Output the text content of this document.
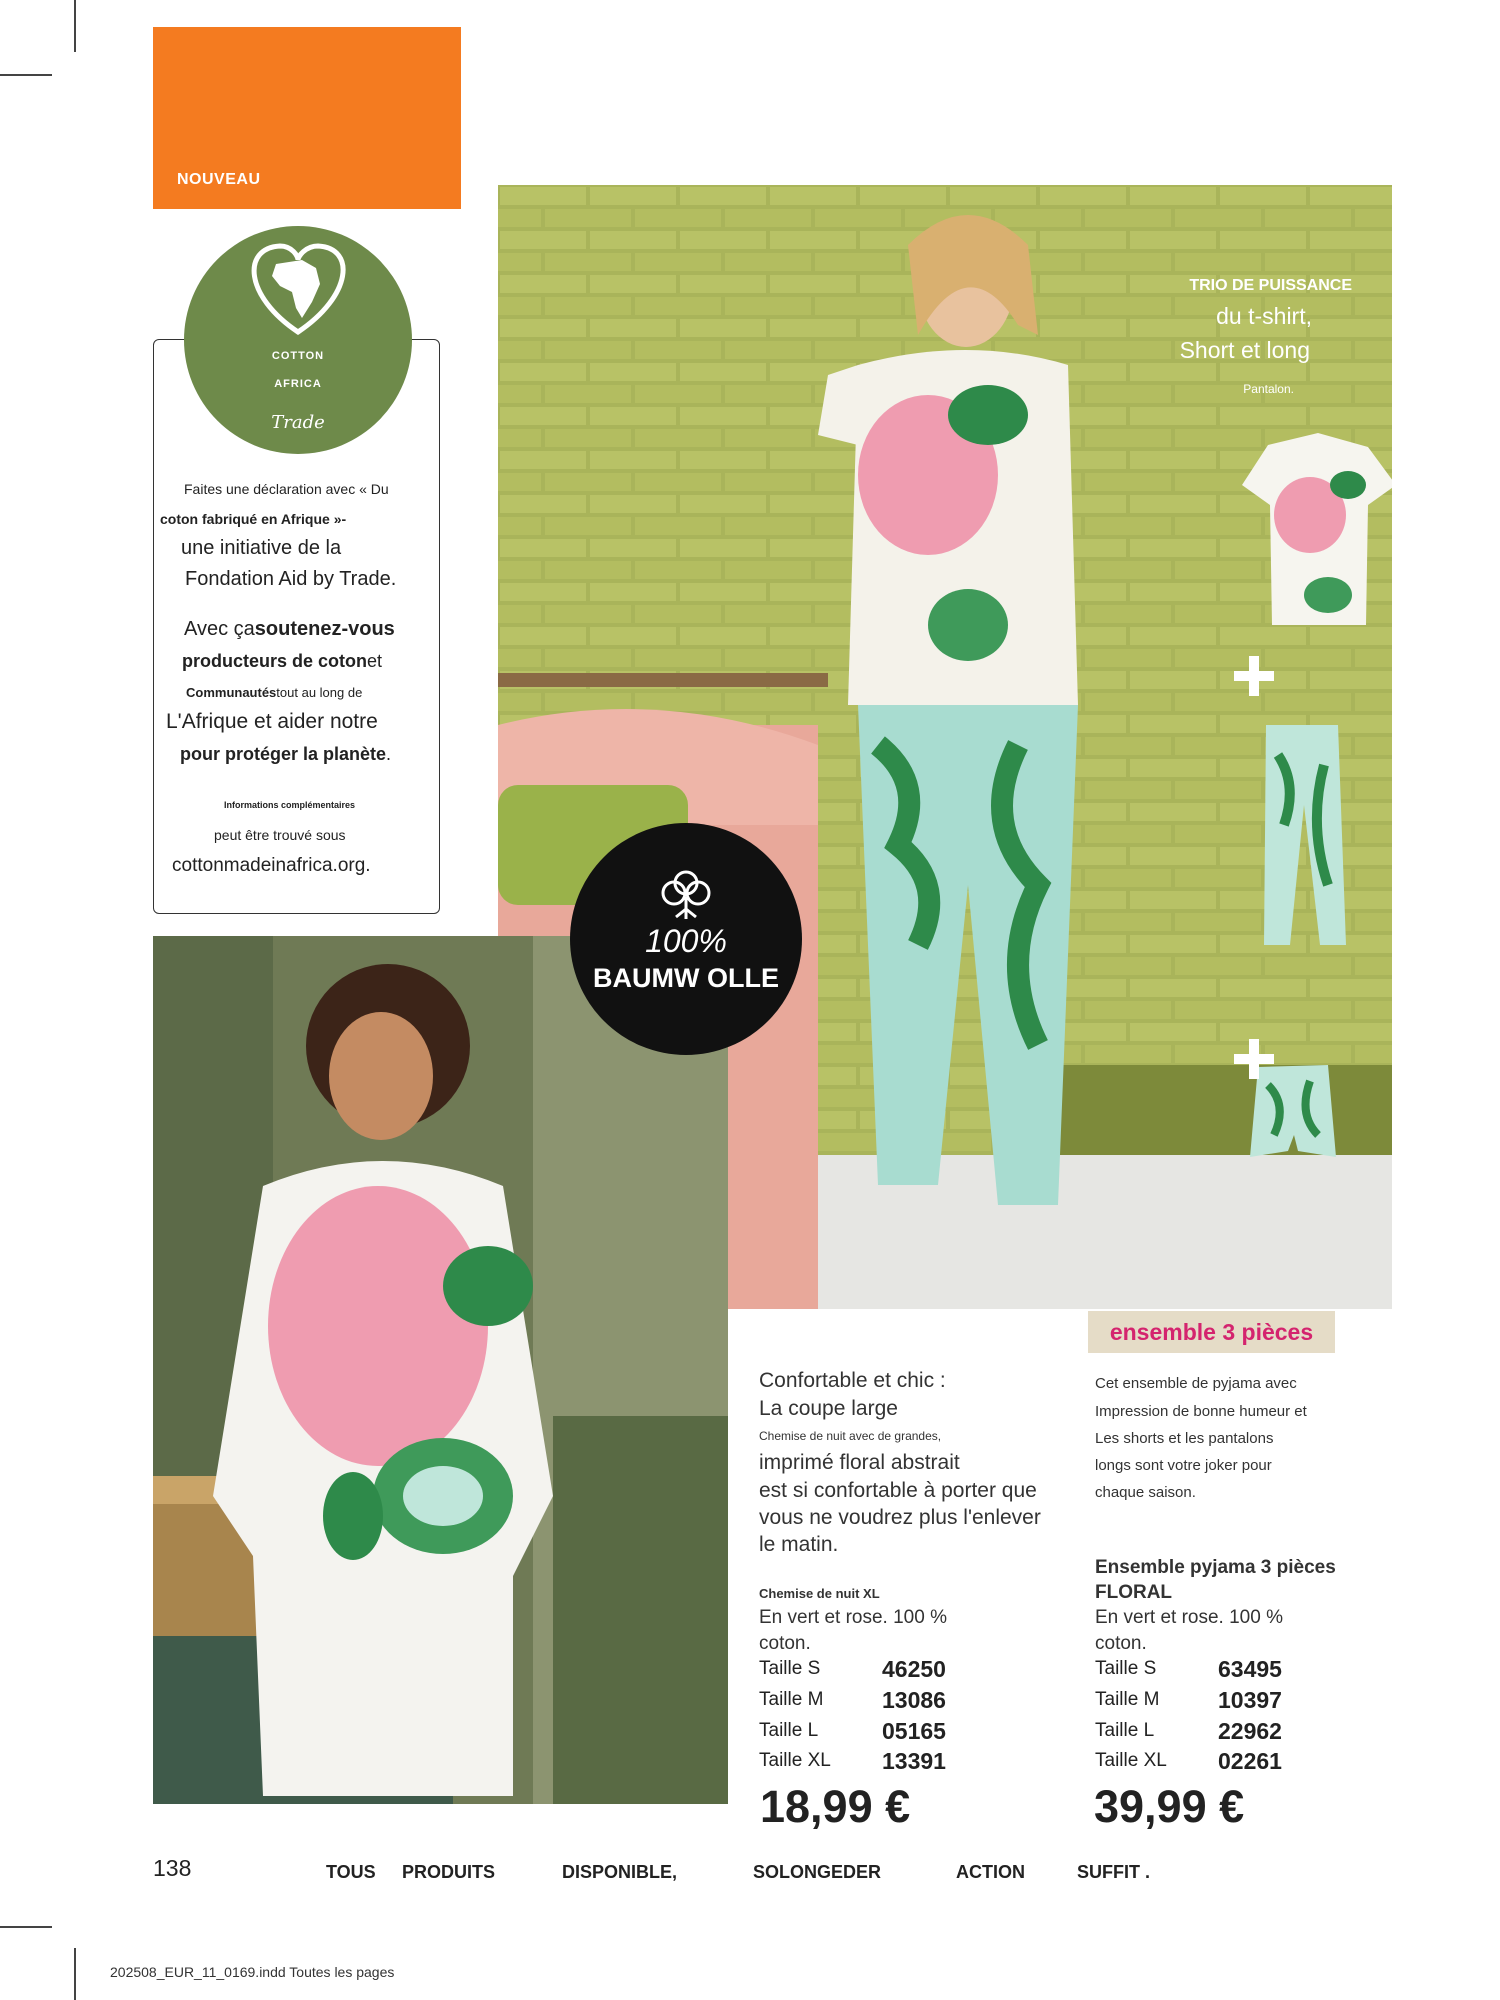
NOUVEAU
Faites une déclaration avec « Du
coton fabriqué en Afrique »-
une initiative de la
Fondation Aid by Trade.
Avec çasoutenez-vous
producteurs de cotonet
Communautéstout au long de
L'Afrique et aider notre
pour protéger la planète.
Informations complémentaires
peut être trouvé sous
cottonmadeinafrica.org.
COTTON
AFRICA
Trade
TRIO DE PUISSANCE
du t-shirt,
Short et long
Pantalon.
100%
BAUMW OLLE
ensemble 3 pièces
Confortable et chic :
La coupe large
Chemise de nuit avec de grandes,
imprimé floral abstrait
est si confortable à porter que
vous ne voudrez plus l'enlever
le matin.
Chemise de nuit XL
En vert et rose. 100 %
coton.
Taille S	46250
Taille M	13086
Taille L	05165
Taille XL 13391
18,99 €
Cet ensemble de pyjama avec
Impression de bonne humeur et
Les shorts et les pantalons
longs sont votre joker pour
chaque saison.
Ensemble pyjama 3 pièces
FLORAL
En vert et rose. 100 %
coton.
Taille S	63495
Taille M	10397
Taille L	22962
Taille XL 02261
39,99 €
138	TOUS PRODUITS	DISPONIBLE,	SOLONGEDER	ACTION	SUFFIT .
202508_EUR_11_0169.indd Toutes les pages
